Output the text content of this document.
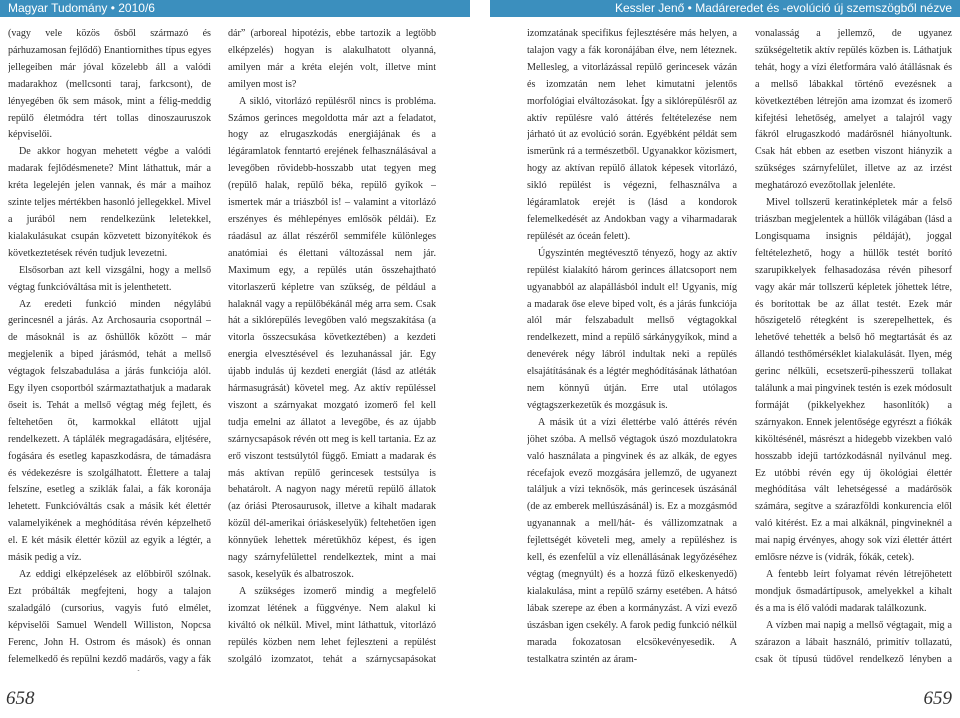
Magyar Tudomány • 2010/6	Kessler Jenő • Madáreredet és -evolúció új szemszögből nézve

(vagy vele közös ősből származó és párhuzamosan fejlődő) Enantiornithes típus egyes jellegeiben már jóval közelebb áll a valódi madarakhoz (mellcsonti taraj, farkcsont), de lényegében ők sem mások, mint a félig-meddig repülő életmódra tért tollas dinoszauruszok képviselői.

De akkor hogyan mehetett végbe a valódi madarak fejlődésmenete? Mint láthattuk, már a kréta legelején jelen vannak, és már a maihoz szinte teljes mértékben hasonló jellegekkel. Mivel a jurából nem rendelkezünk leletekkel, kialakulásukat csupán közvetett bizonyítékok és következtetések révén tudjuk levezetni.

Elsősorban azt kell vizsgálni, hogy a mellső végtag funkcióváltása mit is jelenthetett.

Az eredeti funkció minden négylábú gerincesnél a járás. Az Archosauria csoportnál – de másoknál is az őshüllők között – már megjelenik a biped járásmód, tehát a mellső végtagok felszabadulása a járás funkciója alól. Egy ilyen csoportból származtathatjuk a madarak őseit is. Tehát a mellső végtag még fejlett, és feltehetően öt, karmokkal ellátott ujjal rendelkezett. A táplálék megragadására, eljtésére, fogására és esetleg kapaszkodásra, de támadásra és védekezésre is szolgálhatott. Élettere a talaj felszíne, esetleg a sziklák falai, a fák koronája lehetett. Funkcióváltás csak a másik két élettér valamelyikének a meghódítása révén képzelhető el. E két másik élettér közül az egyik a légtér, a másik pedig a víz.

Az eddigi elképzelések az előbbiről szólnak. Ezt próbálták megfejteni, hogy a talajon szaladgáló (cursorius, vagyis futó elmélet, képviselői Samuel Wendell Williston, Nopcsa Ferenc, John H. Ostrom és mások) és onnan felemelkedő és repülni kezdő madárős, vagy a fák

dár” (arboreal hipotézis, ebbe tartozik a legtöbb elképzelés) hogyan is alakulhatott olyanná, amilyen már a kréta elején volt, illetve mint amilyen most is?

A sikló, vitorlázó repülésről nincs is probléma. Számos gerinces megoldotta már azt a feladatot, hogy az elrugaszkodás energiájának és a légáramlatok fenntartó erejének felhasználásával a levegőben rövidebb-hosszabb utat tegyen meg (repülő halak, repülő béka, repülő gyíkok – ismertek már a triászból is! – valamint a vitorlázó erszényes és méhlepényes emlősök példái). Ez ráadásul az állat részéről semmiféle különleges anatómiai és élettani változással nem jár. Maximum egy, a repülés után összehajtható vitorlaszerű képletre van szükség, de például a halaknál vagy a repülőbékánál még arra sem. Csak hát a siklórepülés levegőben való megszakítása (a vitorla összecsukása következtében) a kezdeti energia elvesztésével és lezuhanással jár. Egy újabb indulás új kezdeti energiát (lásd az atléták hármasugrását) követel meg. Az aktív repüléssel viszont a szárnyakat mozgató izomerő fel kell tudja emelni az állatot a levegőbe, és az újabb szárnycsapások révén ott meg is kell tartania. Ez az erő viszont testsúlytól függő. Emiatt a madarak és más aktívan repülő gerincesek testsúlya is behatárolt. A nagyon nagy méretű repülő állatok (az óriási Pterosaurusok, illetve a kihalt madarak közül dél-amerikai óriáskeselyűk) feltehetően igen könnyűek lehettek méretükhöz képest, és igen nagy szárnyfelülettel rendelkeztek, mint a mai sasok, keselyűk és albatroszok.

A szükséges izomerő mindig a megfelelő izomzat létének a függvénye. Nem alakul ki kiváltó ok nélkül. Mivel, mint láthattuk, vitorlázó repülés közben nem lehet fejleszteni a repülést szolgáló izomzatot, tehát a szárnycsapásokat

izomzatának specifikus fejlesztésére más helyen, a talajon vagy a fák koronájában élve, nem léteznek. Mellesleg, a vitorlázással repülő gerincesek vázán és izomzatán nem lehet kimutatni jelentős morfológiai elváltozásokat. Így a siklórepülésről az aktív repülésre való áttérés feltételezése nem járható út az evolúció során. Egyébként példát sem ismerünk rá a természetből. Ugyanakkor közismert, hogy az aktívan repülő állatok képesek vitorlázó, sikló repülést is végezni, felhasználva a légáramlatok erejét is (lásd a kondorok felemelkedését az Andokban vagy a viharmadarak repülését az óceán felett).

Úgyszintén megtévesztő tényező, hogy az aktív repülést kialakító három gerinces állatcsoport nem ugyanabból az alapállásból indult el! Ugyanis, míg a madarak őse eleve biped volt, és a járás funkciója alól már felszabadult mellső végtagokkal rendelkezett, mind a repülő sárkánygyíkok, mind a denevérek négy lábról indultak neki a repülés elsajátításának és a légtér meghódításának láthatóan nem könnyű útján. Erre utal utólagos végtagszerkezetük és mozgásuk is.

A másik út a vízi élettérbe való áttérés révén jöhet szóba. A mellső végtagok úszó mozdulatokra való használata a pingvinek és az alkák, de egyes récefajok evező mozgására jellemző, de ugyanezt találjuk a vízi teknősök, más gerincesek úszásánál (de az emberek mellúszásánál) is. Ez a mozgásmód ugyanannak a mell/hát- és vállizomzatnak a fejlettségét követeli meg, amely a repüléshez is kell, és ezenfelül a víz ellenállásának legyőzéséhez végtag (megnyúlt) és a hozzá fűző elkeskenyedő) kialakulása, mint a repülő szárny esetében. A hátsó lábak szerepe az ében a kormányzást. A vízi evező úszásban igen csekély. A farok pedig funkció nélkül marada fokozatosan elcsökevényesedik. A testalkatra szintén az áram-

vonalasság a jellemző, de ugyanez szükségeltetik aktív repülés közben is. Láthatjuk tehát, hogy a vízi életformára való átállásnak és a mellső lábakkal történő evezésnek a következtében létrejön ama izomzat és izomerő kifejtési lehetőség, amelyet a talajról vagy fákról elrugaszkodó madárősnél hiányoltunk. Csak hát ebben az esetben viszont hiányzik a szükséges szárnyfelület, illetve az az irzést meghatározó evezőtollak jelenléte.

Mivel tollszerű keratinképletek már a felső triászban megjelentek a hüllők világában (lásd a Longisquama insignis példáját), joggal feltételezhető, hogy a hüllők testét borító szarupikkelyek felhasadozása révén pihesorf vagy akár már tollszerű képletek jöhettek létre, és borítottak be az állat testét. Ezek már hőszigetelő rétegként is szerepelhettek, és lehetővé tehették a belső hő megtartását és az állandó testhőmérséklet kialakulását. Ilyen, még gerinc nélküli, ecsetszerű-pihesszerű tollakat találunk a mai pingvinek testén is ezek módosult formáját (pikkelyekhez hasonlítók) a szárnyakon. Ennek jelentősége egyrészt a fiókák kiköltésénél, másrészt a hidegebb vizekben való hosszabb idejű tartózkodásnál nyilvánul meg. Ez utóbbi révén egy új ökológiai élettér meghódítása vált lehetségessé a madárősök számára, segítve a szárazföldi konkurencia elől való kitérést. Ez a mai alkáknál, pingvineknél a mai napig érvényes, ahogy sok vízi élettér áttért emlősre nézve is (vidrák, fókák, cetek).

A fentebb leírt folyamat révén létrejöhetett mondjuk ősmadártípusok, amelyekkel a kihalt és a ma is élő valódi madarak találkozunk.

A vízben mai napig a mellső végtagait, mig a szárazon a lábait használó, primitív tollazatú, csak öt típusú tüdővel rendelkező lényben a

658	659
